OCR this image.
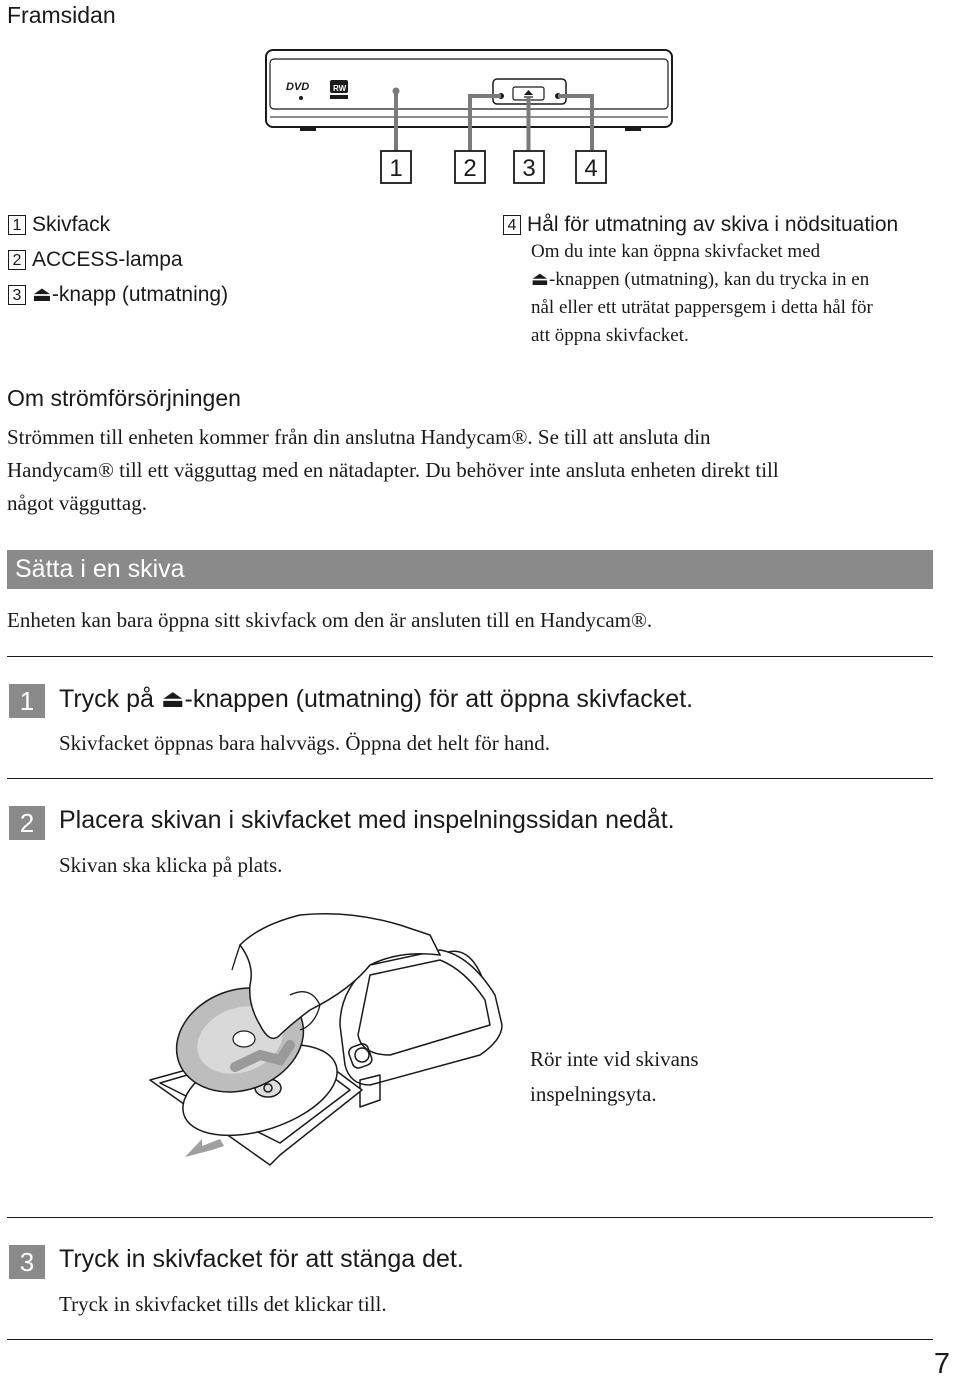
Framsidan
DVD	RW
1	2 3 4
1 Skivfack
2 ACCESS-lampa
3 ⏏-knapp (utmatning)
4 Hål för utmatning av skiva i nödsituation
Om du inte kan öppna skivfacket med
⏏-knappen (utmatning), kan du trycka in en
nål eller ett uträtat pappersgem i detta hål för
att öppna skivfacket.
Om strömförsörjningen
Strömmen till enheten kommer från din anslutna Handycam®. Se till att ansluta din
Handycam® till ett vägguttag med en nätadapter. Du behöver inte ansluta enheten direkt till
något vägguttag.
Sätta i en skiva
Enheten kan bara öppna sitt skivfack om den är ansluten till en Handycam®.
1 Tryck på ⏏-knappen (utmatning) för att öppna skivfacket.
Skivfacket öppnas bara halvvägs. Öppna det helt för hand.
2 Placera skivan i skivfacket med inspelningssidan nedåt.
Skivan ska klicka på plats.
Rör inte vid skivans
inspelningsyta.
3 Tryck in skivfacket för att stänga det.
Tryck in skivfacket tills det klickar till.
7
